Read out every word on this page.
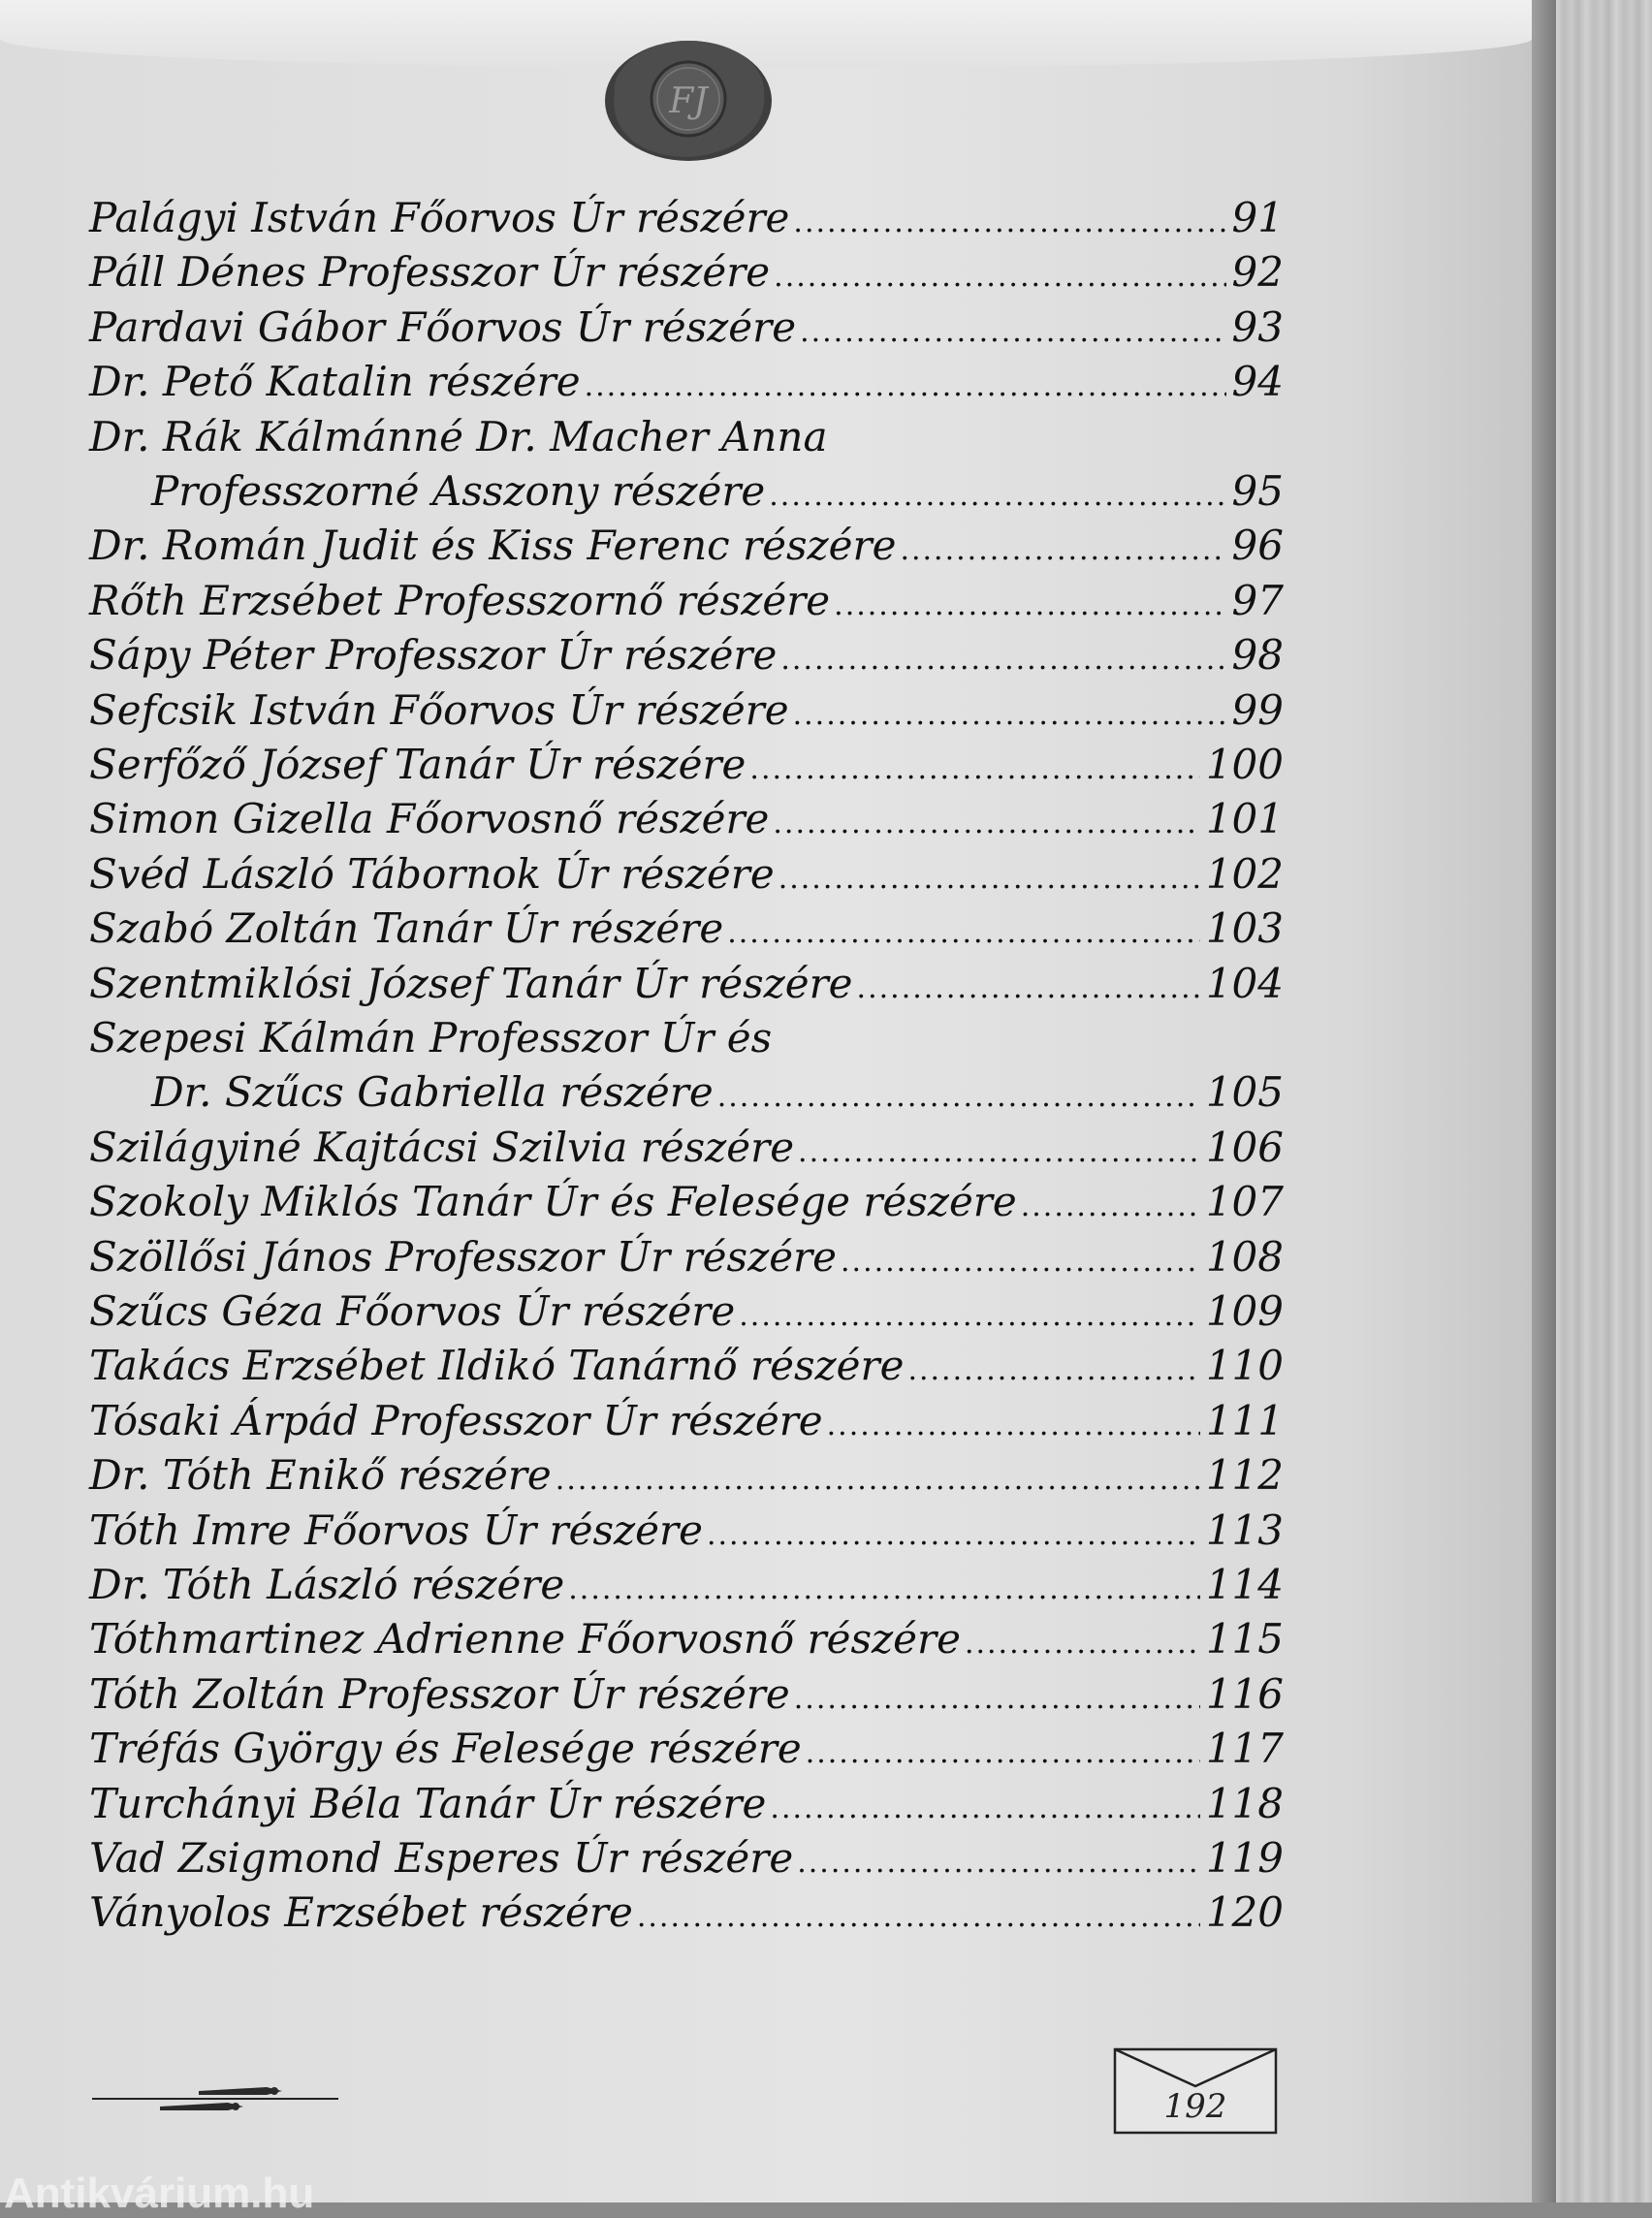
FJ
Palágyi István Főorvos Úr részére .....	91
Páll Dénes Professzor Úr részére .....	92
Pardavi Gábor Főorvos Úr részére .....	93
Dr. Pető Katalin részére .....	94
Dr. Rák Kálmánné Dr. Macher Anna
Professzorné Asszony részére .....	95
Dr. Román Judit és Kiss Ferenc részére .....	96
Rőth Erzsébet Professzornő részére .....	97
Sápy Péter Professzor Úr részére .....	98
Sefcsik István Főorvos Úr részére .....	99
Serfőző József Tanár Úr részére .....	100
Simon Gizella Főorvosnő részére .....	101
Svéd László Tábornok Úr részére .....	102
Szabó Zoltán Tanár Úr részére .....	103
Szentmiklósi József Tanár Úr részére .....	104
Szepesi Kálmán Professzor Úr és
Dr. Szűcs Gabriella részére .....	105
Szilágyiné Kajtácsi Szilvia részére .....	106
Szokoly Miklós Tanár Úr és Felesége részére .....	107
Szöllősi János Professzor Úr részére .....	108
Szűcs Géza Főorvos Úr részére .....	109
Takács Erzsébet Ildikó Tanárnő részére .....	110
Tósaki Árpád Professzor Úr részére .....	111
Dr. Tóth Enikő részére .....	112
Tóth Imre Főorvos Úr részére .....	113
Dr. Tóth László részére .....	114
Tóthmartinez Adrienne Főorvosnő részére .....	115
Tóth Zoltán Professzor Úr részére .....	116
Tréfás György és Felesége részére .....	117
Turchányi Béla Tanár Úr részére .....	118
Vad Zsigmond Esperes Úr részére .....	119
Ványolos Erzsébet részére .....	120
192
Antikvárium.hu
